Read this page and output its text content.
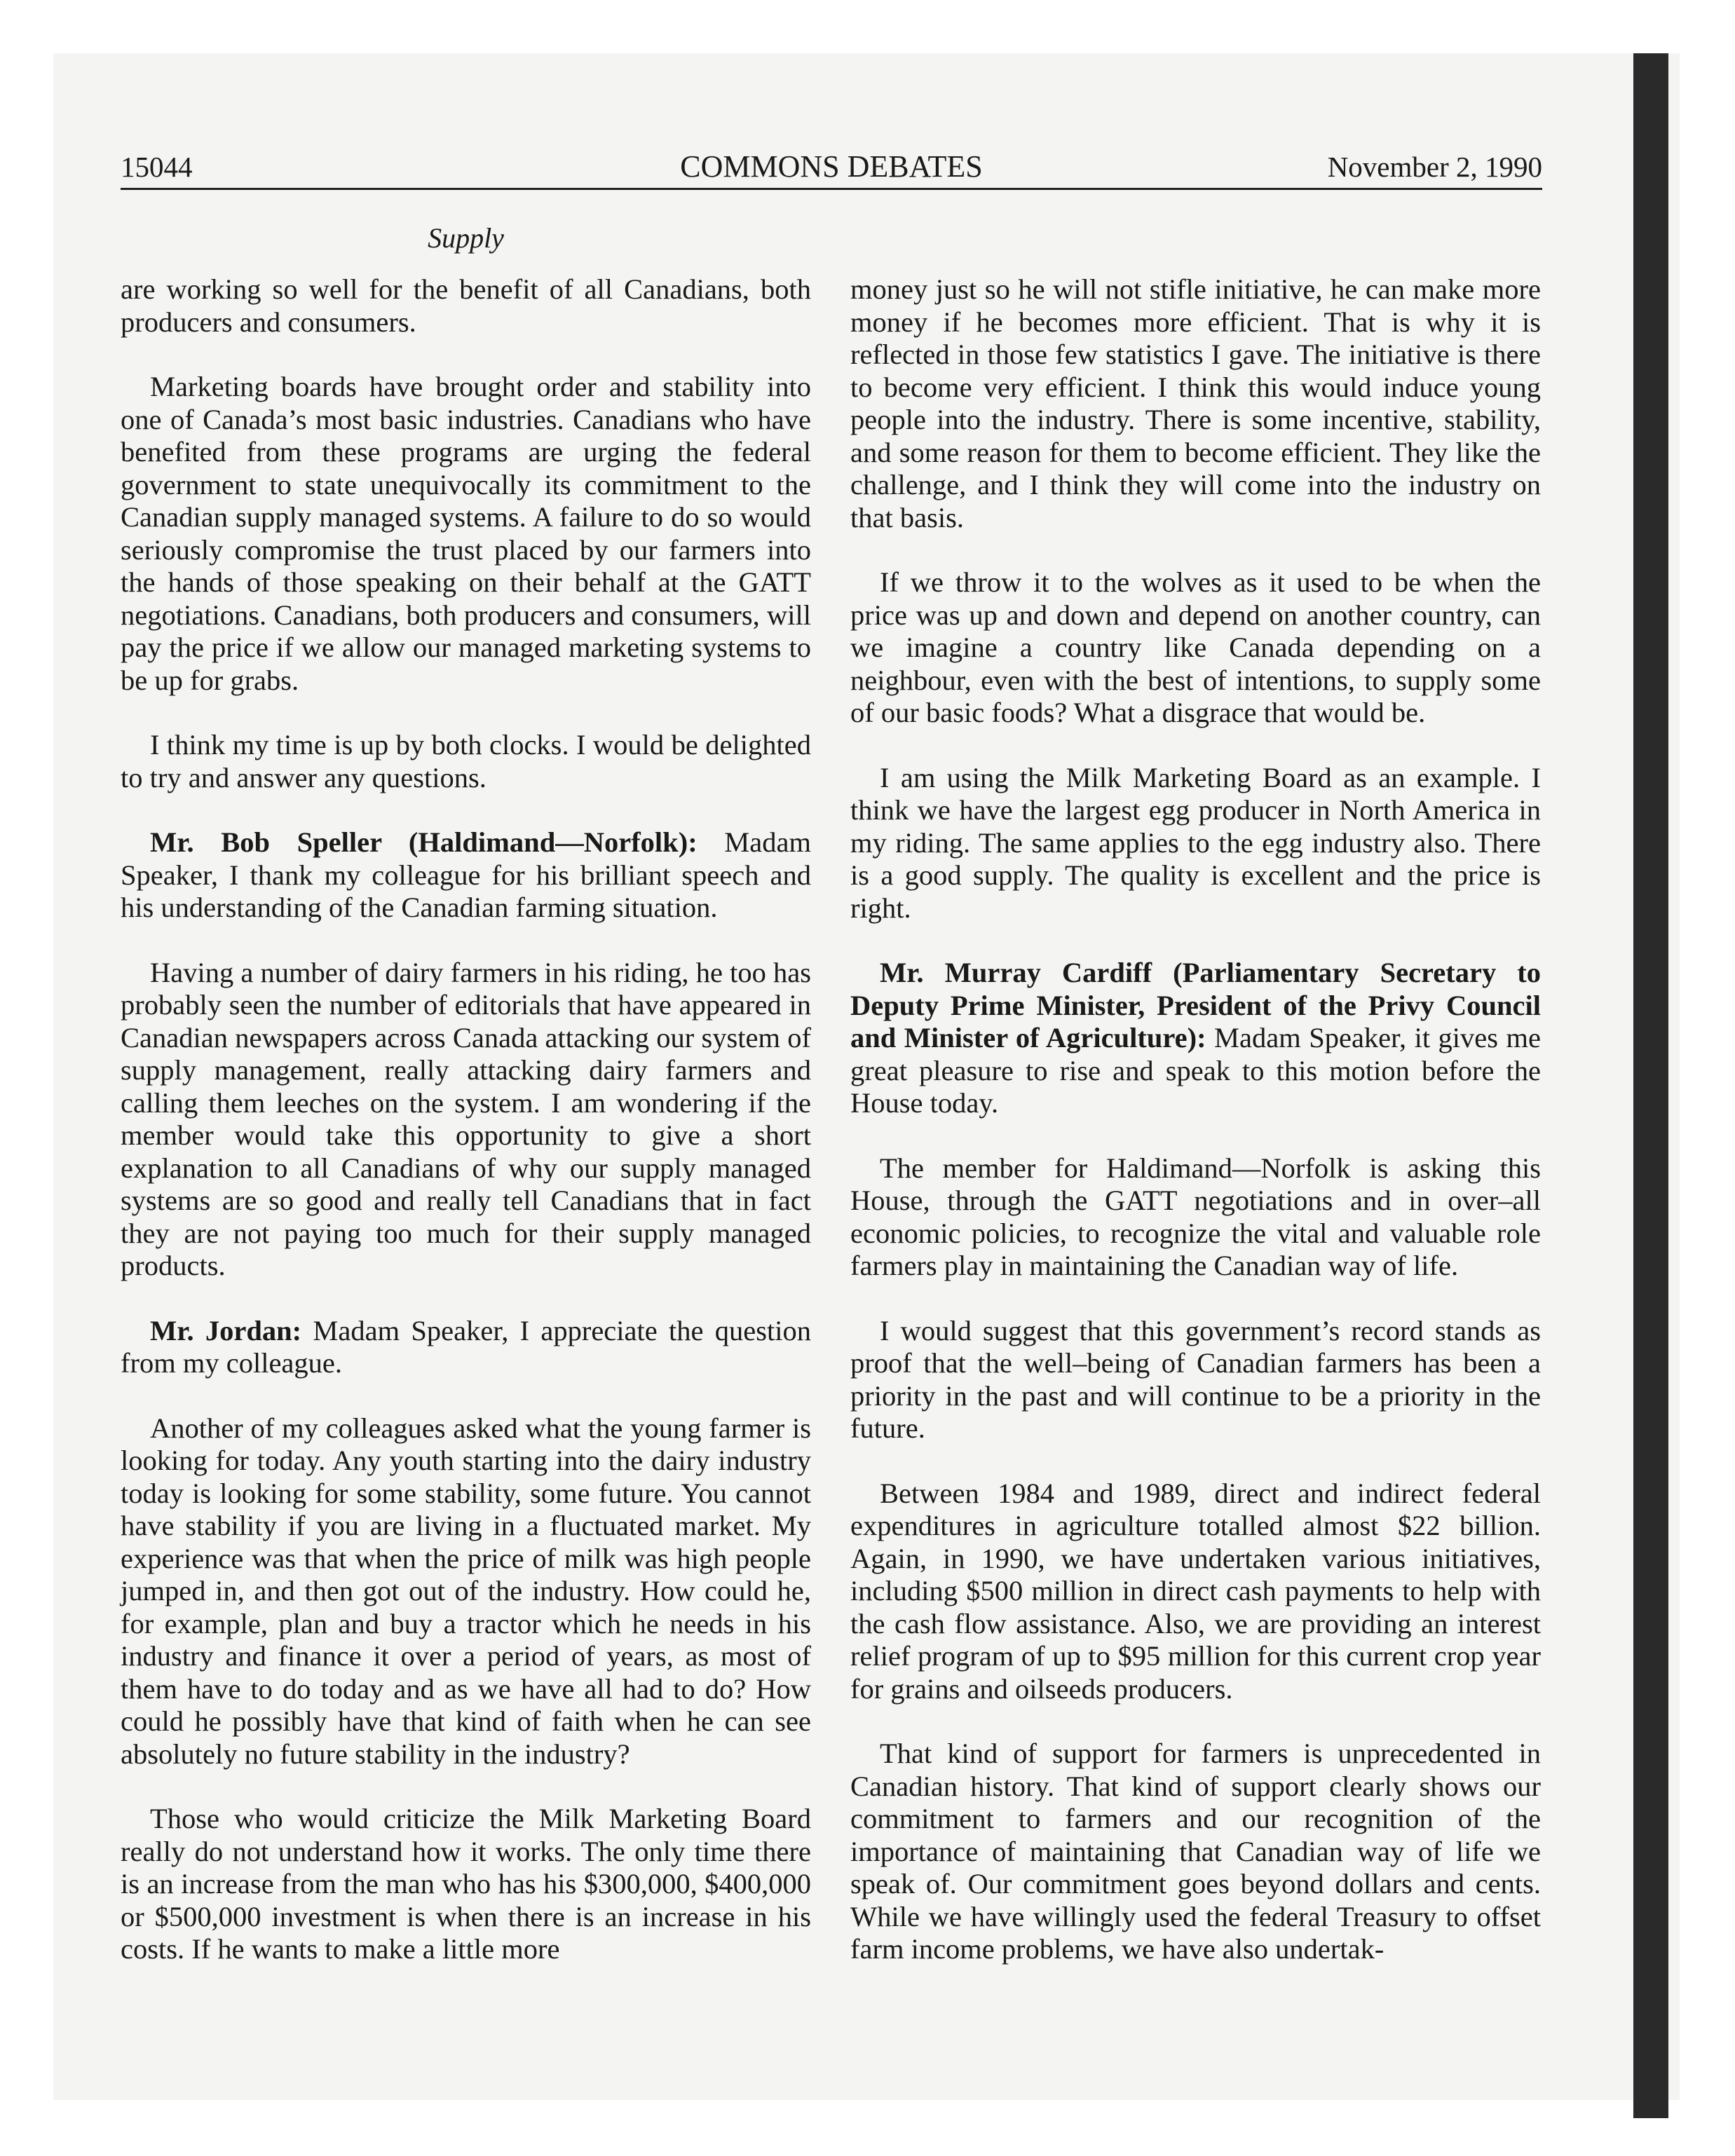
15044	COMMONS DEBATES	November 2, 1990
Supply

are working so well for the benefit of all Canadians, both producers and consumers.

Marketing boards have brought order and stability into one of Canada’s most basic industries. Canadians who have benefited from these programs are urging the federal government to state unequivocally its commitment to the Canadian supply managed systems. A failure to do so would seriously compromise the trust placed by our farmers into the hands of those speaking on their behalf at the GATT negotiations. Canadians, both producers and consumers, will pay the price if we allow our managed marketing systems to be up for grabs.

I think my time is up by both clocks. I would be delighted to try and answer any questions.

Mr. Bob Speller (Haldimand—Norfolk): Madam Speaker, I thank my colleague for his brilliant speech and his understanding of the Canadian farming situation.

Having a number of dairy farmers in his riding, he too has probably seen the number of editorials that have appeared in Canadian newspapers across Canada attacking our system of supply management, really attacking dairy farmers and calling them leeches on the system. I am wondering if the member would take this opportunity to give a short explanation to all Canadians of why our supply managed systems are so good and really tell Canadians that in fact they are not paying too much for their supply managed products.

Mr. Jordan: Madam Speaker, I appreciate the question from my colleague.

Another of my colleagues asked what the young farmer is looking for today. Any youth starting into the dairy industry today is looking for some stability, some future. You cannot have stability if you are living in a fluctuated market. My experience was that when the price of milk was high people jumped in, and then got out of the industry. How could he, for example, plan and buy a tractor which he needs in his industry and finance it over a period of years, as most of them have to do today and as we have all had to do? How could he possibly have that kind of faith when he can see absolutely no future stability in the industry?

Those who would criticize the Milk Marketing Board really do not understand how it works. The only time there is an increase from the man who has his $300,000, $400,000 or $500,000 investment is when there is an increase in his costs. If he wants to make a little more

money just so he will not stifle initiative, he can make more money if he becomes more efficient. That is why it is reflected in those few statistics I gave. The initiative is there to become very efficient. I think this would induce young people into the industry. There is some incentive, stability, and some reason for them to become efficient. They like the challenge, and I think they will come into the industry on that basis.

If we throw it to the wolves as it used to be when the price was up and down and depend on another country, can we imagine a country like Canada depending on a neighbour, even with the best of intentions, to supply some of our basic foods? What a disgrace that would be.

I am using the Milk Marketing Board as an example. I think we have the largest egg producer in North America in my riding. The same applies to the egg industry also. There is a good supply. The quality is excellent and the price is right.

Mr. Murray Cardiff (Parliamentary Secretary to Deputy Prime Minister, President of the Privy Council and Minister of Agriculture): Madam Speaker, it gives me great pleasure to rise and speak to this motion before the House today.

The member for Haldimand—Norfolk is asking this House, through the GATT negotiations and in over–all economic policies, to recognize the vital and valuable role farmers play in maintaining the Canadian way of life.

I would suggest that this government’s record stands as proof that the well–being of Canadian farmers has been a priority in the past and will continue to be a priority in the future.

Between 1984 and 1989, direct and indirect federal expenditures in agriculture totalled almost $22 billion. Again, in 1990, we have undertaken various initiatives, including $500 million in direct cash payments to help with the cash flow assistance. Also, we are providing an interest relief program of up to $95 million for this current crop year for grains and oilseeds producers.

That kind of support for farmers is unprecedented in Canadian history. That kind of support clearly shows our commitment to farmers and our recognition of the importance of maintaining that Canadian way of life we speak of. Our commitment goes beyond dollars and cents. While we have willingly used the federal Treasury to offset farm income problems, we have also undertak-
